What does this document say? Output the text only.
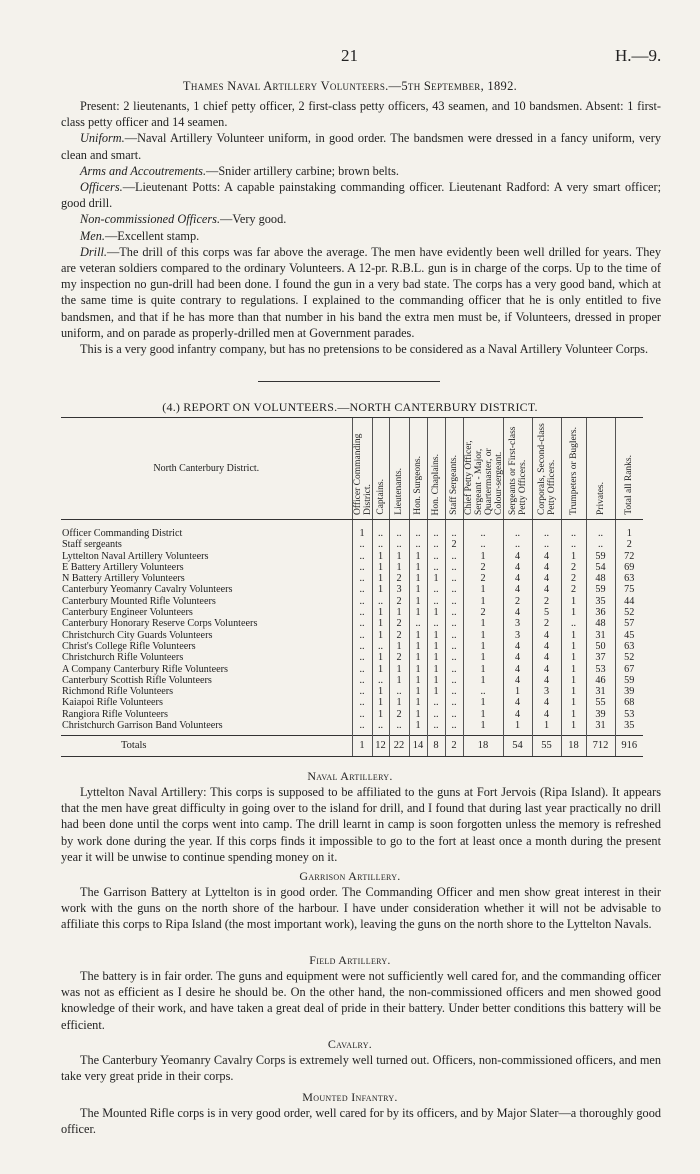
21	H.—9.
Thames Naval Artillery Volunteers.—5th September, 1892.

Present: 2 lieutenants, 1 chief petty officer, 2 first-class petty officers, 43 seamen, and 10 bandsmen. Absent: 1 first-class petty officer and 14 seamen.

Uniform.—Naval Artillery Volunteer uniform, in good order. The bandsmen were dressed in a fancy uniform, very clean and smart.

Arms and Accoutrements.—Snider artillery carbine; brown belts.

Officers.—Lieutenant Potts: A capable painstaking commanding officer. Lieutenant Radford: A very smart officer; good drill.

Non-commissioned Officers.—Very good.

Men.—Excellent stamp.

Drill.—The drill of this corps was far above the average. The men have evidently been well drilled for years. They are veteran soldiers compared to the ordinary Volunteers. A 12-pr. R.B.L. gun is in charge of the corps. Up to the time of my inspection no gun-drill had been done. I found the gun in a very bad state. The corps has a very good band, which at the same time is quite contrary to regulations. I explained to the commanding officer that he is only entitled to five bandsmen, and that if he has more than that number in his band the extra men must be, if Volunteers, dressed in proper uniform, and on parade as properly-drilled men at Government parades.

This is a very good infantry company, but has no pretensions to be considered as a Naval Artillery Volunteer Corps.

(4.) REPORT ON VOLUNTEERS.—NORTH CANTERBURY DISTRICT.
North Canterbury District.	Officer Commanding District.	Captains.	Lieutenants.	Hon. Surgeons.	Hon. Chaplains.	Staff Sergeants.	Chief Petty Officer, Sergeant - Major, Quartermaster, or Colour-sergeant.	Sergeants or First-class Petty Officers.	Corporals, Second-class Petty Officers.	Trumpeters or Buglers.	Privates.	Total all Ranks.

Officer Commanding District	1	..	..	..	..	..	..	..	..	..	..	1
Staff sergeants	..	..	..	..	..	2	..	..	..	..	..	2
Lyttelton Naval Artillery Volunteers	..	1	1	1	..	..	1	4	4	1	59	72
E Battery Artillery Volunteers	..	1	1	1	..	..	2	4	4	2	54	69
N Battery Artillery Volunteers	..	1	2	1	1	..	2	4	4	2	48	63
Canterbury Yeomanry Cavalry Volunteers	..	1	3	1	..	..	1	4	4	2	59	75
Canterbury Mounted Rifle Volunteers	..	..	2	1	..	..	1	2	2	1	35	44
Canterbury Engineer Volunteers	..	1	1	1	1	..	2	4	5	1	36	52
Canterbury Honorary Reserve Corps Volunteers	..	1	2	..	..	..	1	3	2	..	48	57
Christchurch City Guards Volunteers	..	1	2	1	1	..	1	3	4	1	31	45
Christ's College Rifle Volunteers	..	..	1	1	1	..	1	4	4	1	50	63
Christchurch Rifle Volunteers	..	1	2	1	1	..	1	4	4	1	37	52
A Company Canterbury Rifle Volunteers	..	1	1	1	1	..	1	4	4	1	53	67
Canterbury Scottish Rifle Volunteers	..	..	1	1	1	..	1	4	4	1	46	59
Richmond Rifle Volunteers	..	1	..	1	1	..	..	1	3	1	31	39
Kaiapoi Rifle Volunteers	..	1	1	1	..	..	1	4	4	1	55	68
Rangiora Rifle Volunteers	..	1	2	1	..	..	1	4	4	1	39	53
Christchurch Garrison Band Volunteers	..	..	..	1	..	..	1	1	1	1	31	35

Totals	1	12	22	14	8	2	18	54	55	18	712	916
Naval Artillery.

Lyttelton Naval Artillery: This corps is supposed to be affiliated to the guns at Fort Jervois (Ripa Island). It appears that the men have great difficulty in going over to the island for drill, and I found that during last year practically no drill had been done until the corps went into camp. The drill learnt in camp is soon forgotten unless the memory is refreshed by work done during the year. If this corps finds it impossible to go to the fort at least once a month during the present year it will be unwise to continue spending money on it.

Garrison Artillery.

The Garrison Battery at Lyttelton is in good order. The Commanding Officer and men show great interest in their work with the guns on the north shore of the harbour. I have under consideration whether it will not be advisable to affiliate this corps to Ripa Island (the most important work), leaving the guns on the north shore to the Lyttelton Navals.

Field Artillery.

The battery is in fair order. The guns and equipment were not sufficiently well cared for, and the commanding officer was not as efficient as I desire he should be. On the other hand, the non-commissioned officers and men showed good knowledge of their work, and have taken a great deal of pride in their battery. Under better conditions this battery will be efficient.

Cavalry.

The Canterbury Yeomanry Cavalry Corps is extremely well turned out. Officers, non-commissioned officers, and men take very great pride in their corps.

Mounted Infantry.

The Mounted Rifle corps is in very good order, well cared for by its officers, and by Major Slater—a thoroughly good officer.
